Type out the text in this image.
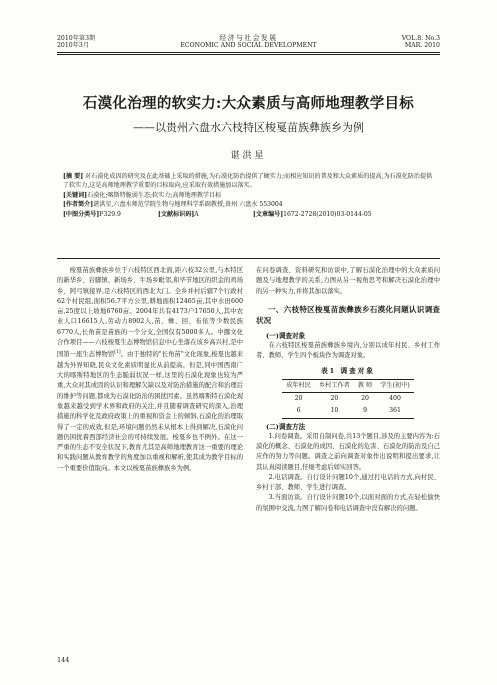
2010年第3期
2010年3月
经济与社会发展
ECONOMIC AND SOCIAL DEVELOPMENT
VOL.8. No.3
MAR. 2010
石漠化治理的软实力:大众素质与高师地理教学目标
——以贵州六盘水六枝特区梭戛苗族彝族乡为例
谌洪星
[摘 要] 对石漠化成因的研究及在此基础上采取的措施,为石漠化防治提供了硬实力;而相应知识的普及和大众素质的提高,为石漠化防治提供了软实力,这是高师地理教学重要的目标取向,应采取有效措施加以落实。
[关键词]石漠化;喀斯特脆弱生态;软实力;高师地理教学目标
[作者简介]谌洪星,六盘水师范学院生物与地理科学系副教授,贵州 六盘水 553004
[中图分类号]F329.9	[文献标识码]A	[文章编号]1672-2728(2010)03-0144-05

梭戛苗族彝族乡位于六枝特区西北面,距六枝32公里,与本特区的新华乡、岩脚镇、新场乡、牛场乡毗邻,和毕节地区的织金的鸡场乡、阿弓镇接界,是六枝特区的西北大门。全乡并村后辖7个行政村62个村民组,面积56.7平方公里,耕地面积12465亩,其中水田600亩,25度以上坡地6760亩。2004年共有4173户17650人,其中农业人口16615人,劳动力8902人,苗、彝、回、布依等少数民族6770人,长角苗是苗族的一个分支,全国仅有5000多人。中挪文化合作项目——六枝梭戛生态博物馆信息中心坐落在该乡高兴村,是中国第一座生态博物馆[1]。由于独特的"长角苗"文化现象,梭戛也越来越为外界知晓,民众文化素质明显比从前提高。但是,同中国西南广大的喀斯特地区的生态脆弱状况一样,这里的石漠化现象也较为严重,大众对其成因的认识和理解欠缺以及对防治措施的配合和治理后的维护等问题,都成为石漠化防治的困扰因素。虽然喀斯特石漠化现象越来越受到学术界和政府的关注,并且随着调查研究的深入,治理措施的科学化及政府政策上的重视和资金上的倾斜,石漠化的治理取得了一定的成效,但是,环境问题仍然未从根本上得到解决,石漠化问题仍困扰着西部经济社会的可持续发展。梭戛乡也不例外。在这一严重的生态不安全状况下,教育尤其是高师地理教育这一重要的理论和实践问题从教育教学的角度加以重视和解析,使其成为教学目标的一个重要价值取向。本文以梭戛苗族彝族乡为例,

144

在问卷调查、资料研究和访谈中,了解石漠化治理中的大众素质问题及与地理教学的关系,力图从另一视角思考和解决石漠化治理中的另一种实力,并将其加以落实。

一、六枝特区梭戛苗族彝族乡石漠化问题认识调查状况
(一)调查对象

在六枝特区梭戛苗族彝族乡境内,分别以成年村民、乡村工作者、教师、学生四个板块作为调查对象。

表1 调查对象
成年村民	乡村工作者	教 师	学生(初中)
20	20	20	400
6	10	9	361
(二)调查方法

1.问卷调查。采用自制问卷,共13个题目,涉及的主要内容为:石漠化的概念、石漠化的成因、石漠化的危害、石漠化的防治及自己应作的努力等问题。调查之前向调查对象作出说明和提出要求,让其认真阅读题目,仔细考虑后如实回答。

2.电话调查。自行设计问题10个,通过打电话的方式,向村民、乡村干部、教师、学生进行调查。

3.当面访谈。自行设计问题10个,以面对面的方式,在轻松愉快的氛围中交流,力图了解问卷和电话调查中没有解决的问题。
